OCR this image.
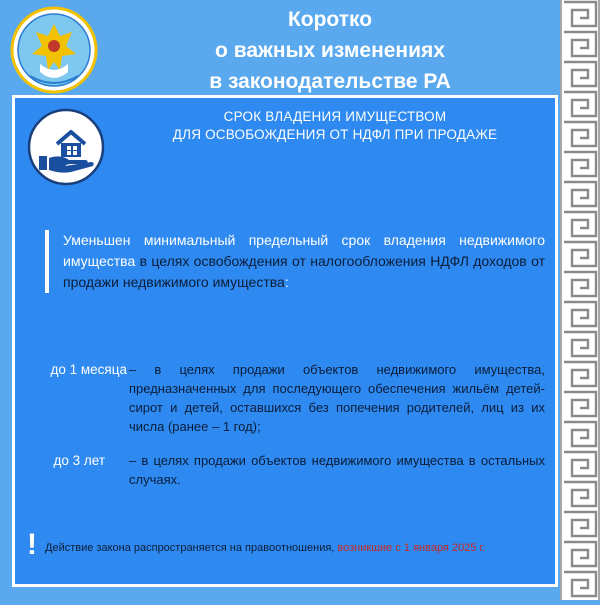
Коротко
о важных изменениях
в законодательстве РА
СРОК ВЛАДЕНИЯ ИМУЩЕСТВОМ
ДЛЯ ОСВОБОЖДЕНИЯ ОТ НДФЛ ПРИ ПРОДАЖЕ
Уменьшен минимальный предельный срок владения недвижимого имущества в целях освобождения от налогообложения НДФЛ доходов от продажи недвижимого имущества:
до 1 месяца – в целях продажи объектов недвижимого имущества, предназначенных для последующего обеспечения жильём детей-сирот и детей, оставшихся без попечения родителей, лиц из их числа (ранее – 1 год);
до 3 лет – в целях продажи объектов недвижимого имущества в остальных случаях.
! Действие закона распространяется на правоотношения, возникшие с 1 января 2025 г.
